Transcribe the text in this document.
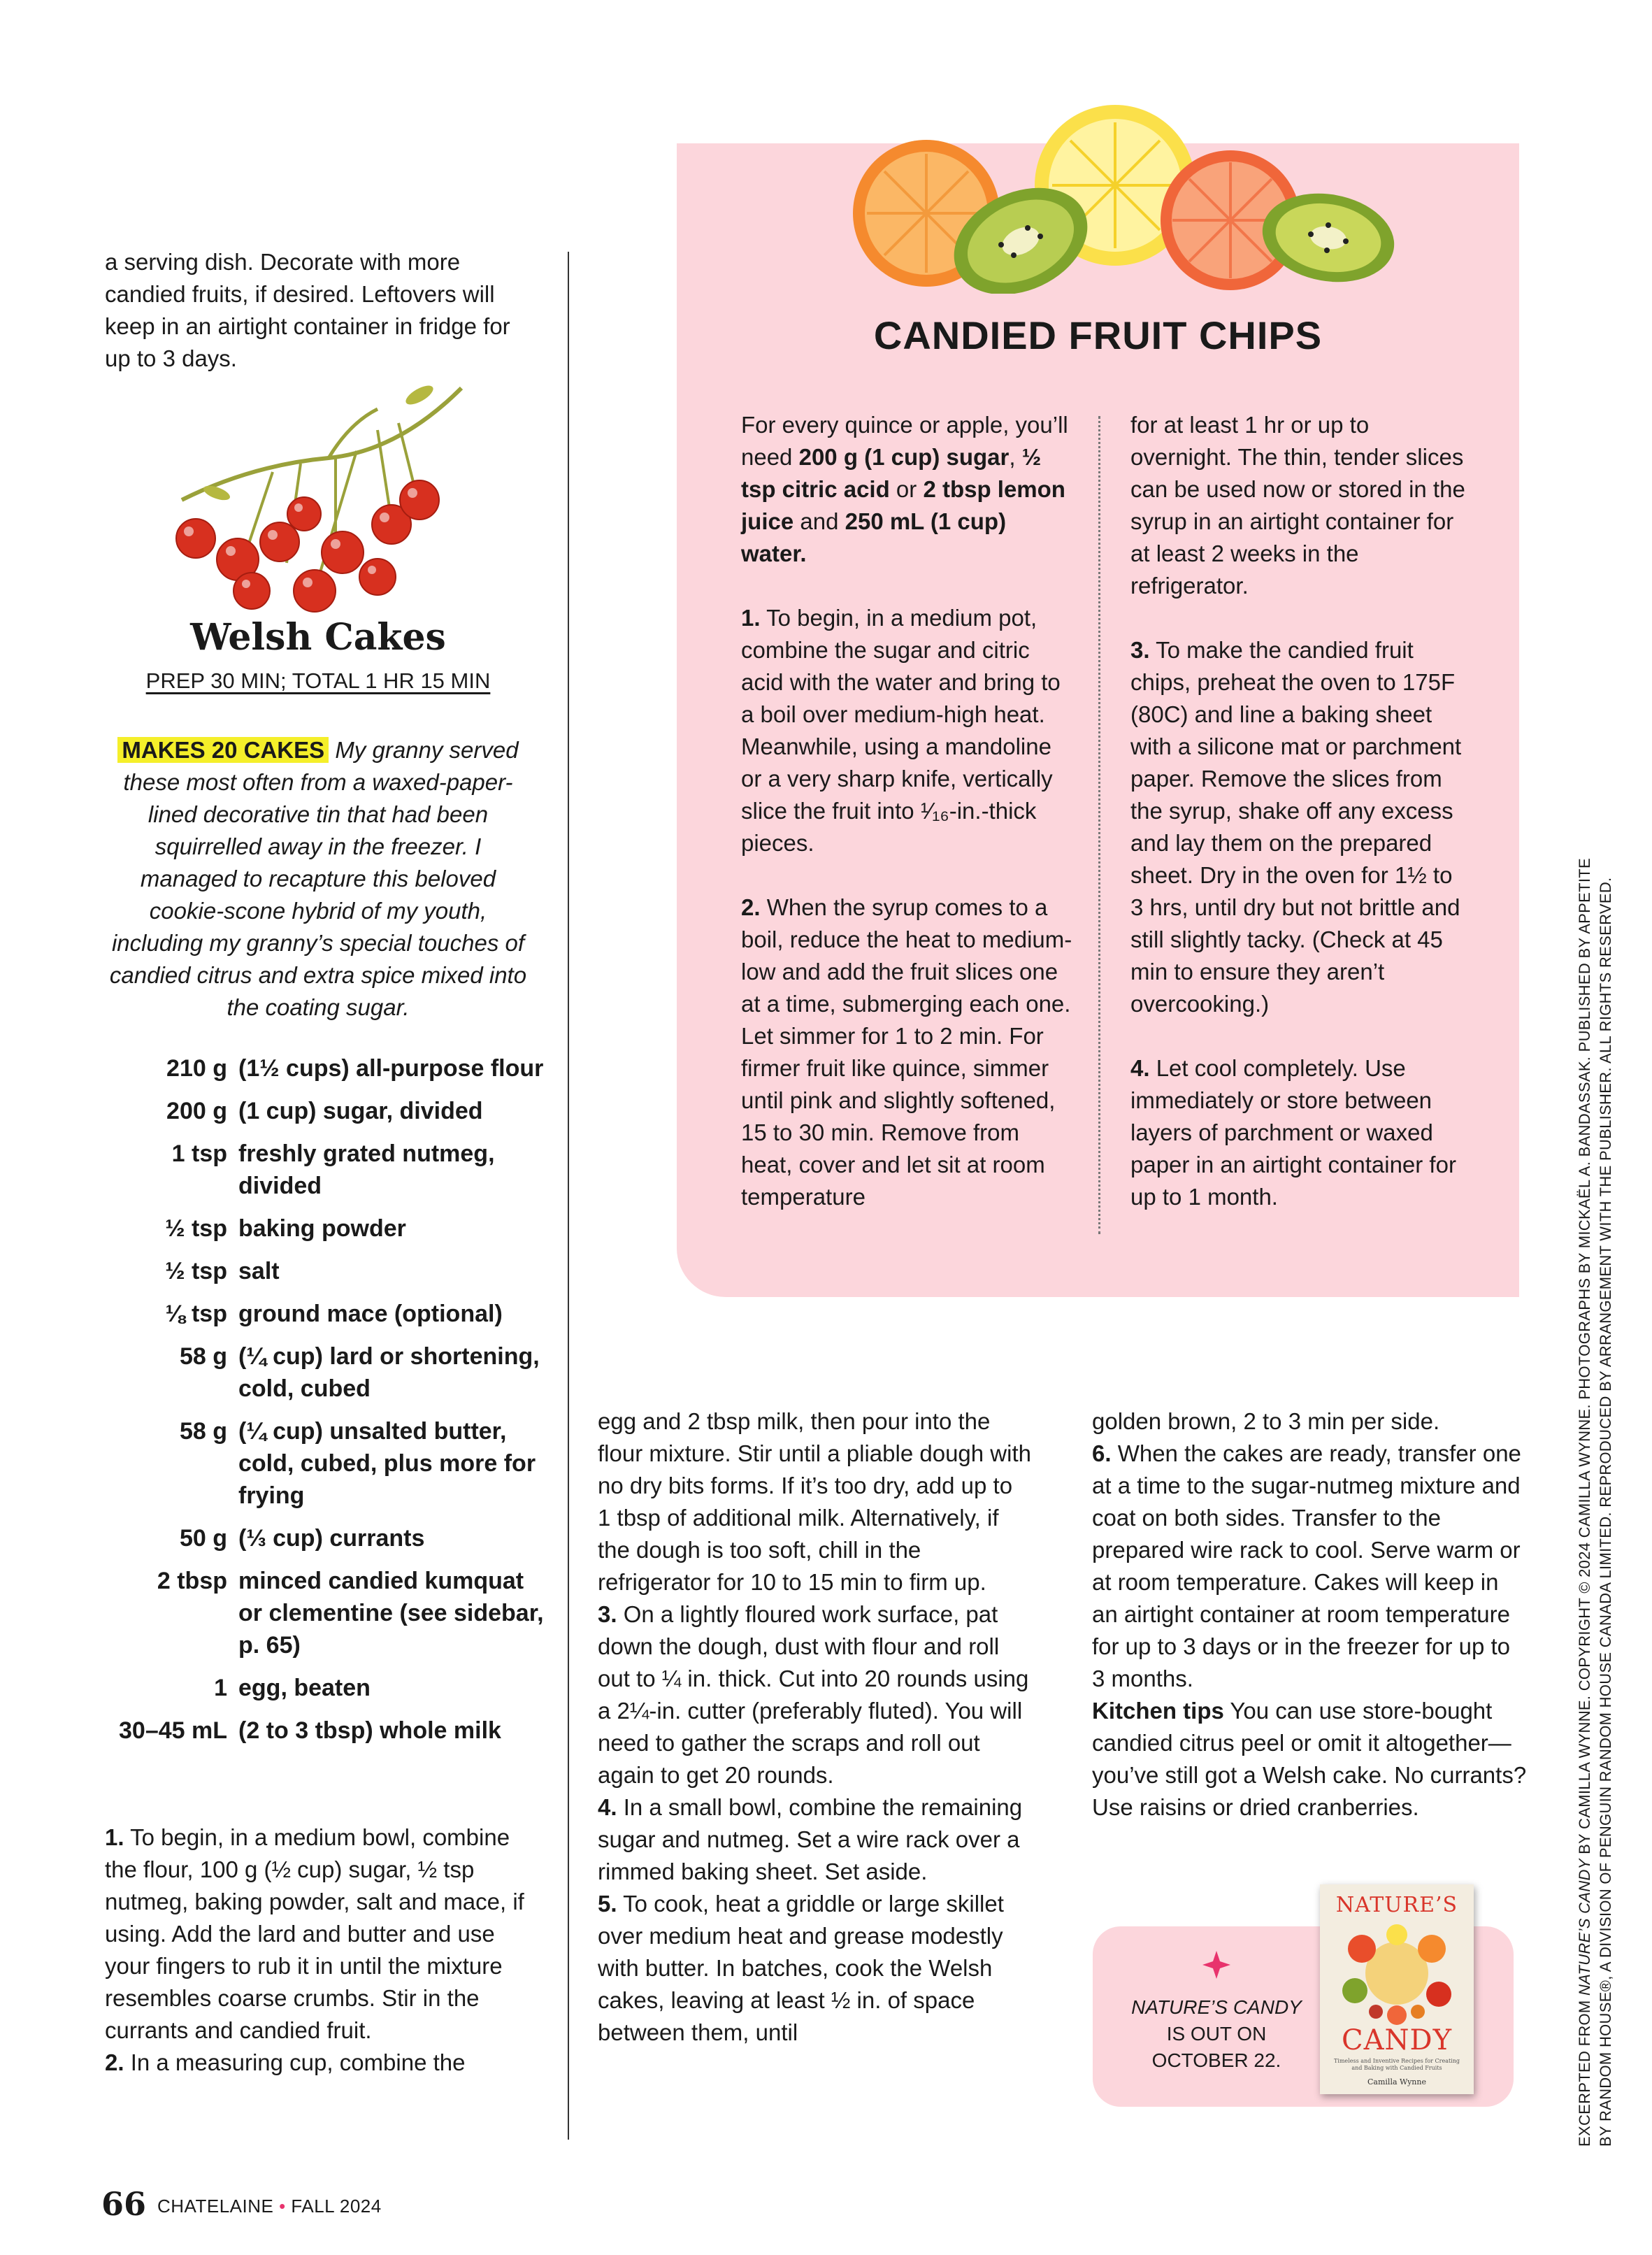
a serving dish. Decorate with more candied fruits, if desired. Leftovers will keep in an airtight container in fridge for up to 3 days.
Welsh Cakes
PREP 30 MIN; TOTAL 1 HR 15 MIN
MAKES 20 CAKES My granny served these most often from a waxed-paper-lined decorative tin that had been squirrelled away in the freezer. I managed to recapture this beloved cookie-scone hybrid of my youth, including my granny’s special touches of candied citrus and extra spice mixed into the coating sugar.
210 g (1½ cups) all-purpose flour
200 g (1 cup) sugar, divided
1 tsp freshly grated nutmeg, divided
½ tsp baking powder
½ tsp salt
⅛ tsp ground mace (optional)
58 g (¼ cup) lard or shortening, cold, cubed
58 g (¼ cup) unsalted butter, cold, cubed, plus more for frying
50 g (⅓ cup) currants
2 tbsp minced candied kumquat or clementine (see sidebar, p. 65)
1 egg, beaten
30–45 mL (2 to 3 tbsp) whole milk

1. To begin, in a medium bowl, combine the flour, 100 g (½ cup) sugar, ½ tsp nutmeg, baking powder, salt and mace, if using. Add the lard and butter and use your fingers to rub it in until the mixture resembles coarse crumbs. Stir in the currants and candied fruit.

2. In a measuring cup, combine the

CANDIED FRUIT CHIPS

For every quince or apple, you’ll need 200 g (1 cup) sugar, ½ tsp citric acid or 2 tbsp lemon juice and 250 mL (1 cup) water.

1. To begin, in a medium pot, combine the sugar and citric acid with the water and bring to a boil over medium-high heat. Meanwhile, using a mandoline or a very sharp knife, vertically slice the fruit into ¹⁄₁₆-in.-thick pieces.

2. When the syrup comes to a boil, reduce the heat to medium-low and add the fruit slices one at a time, submerging each one. Let simmer for 1 to 2 min. For firmer fruit like quince, simmer until pink and slightly softened, 15 to 30 min. Remove from heat, cover and let sit at room temperature

for at least 1 hr or up to overnight. The thin, tender slices can be used now or stored in the syrup in an airtight container for at least 2 weeks in the refrigerator.

3. To make the candied fruit chips, preheat the oven to 175F (80C) and line a baking sheet with a silicone mat or parchment paper. Remove the slices from the syrup, shake off any excess and lay them on the prepared sheet. Dry in the oven for 1½ to 3 hrs, until dry but not brittle and still slightly tacky. (Check at 45 min to ensure they aren’t overcooking.)

4. Let cool completely. Use immediately or store between layers of parchment or waxed paper in an airtight container for up to 1 month.

egg and 2 tbsp milk, then pour into the flour mixture. Stir until a pliable dough with no dry bits forms. If it’s too dry, add up to 1 tbsp of additional milk. Alternatively, if the dough is too soft, chill in the refrigerator for 10 to 15 min to firm up.

3. On a lightly floured work surface, pat down the dough, dust with flour and roll out to ¼ in. thick. Cut into 20 rounds using a 2¼-in. cutter (preferably fluted). You will need to gather the scraps and roll out again to get 20 rounds.

4. In a small bowl, combine the remaining sugar and nutmeg. Set a wire rack over a rimmed baking sheet. Set aside.

5. To cook, heat a griddle or large skillet over medium heat and grease modestly with butter. In batches, cook the Welsh cakes, leaving at least ½ in. of space between them, until

golden brown, 2 to 3 min per side.

6. When the cakes are ready, transfer one at a time to the sugar-nutmeg mixture and coat on both sides. Transfer to the prepared wire rack to cool. Serve warm or at room temperature. Cakes will keep in an airtight container at room temperature for up to 3 days or in the freezer for up to 3 months.

Kitchen tips You can use store-bought candied citrus peel or omit it altogether—you’ve still got a Welsh cake. No currants? Use raisins or dried cranberries.

NATURE’S CANDY
IS OUT ON
OCTOBER 22.
NATURE’S
CANDY
Timeless and Inventive Recipes for Creating and Baking with Candied Fruits
Camilla Wynne	EXCERPTED FROM NATURE’S CANDY BY CAMILLA WYNNE. COPYRIGHT © 2024 CAMILLA WYNNE. PHOTOGRAPHS BY MICKAËL A. BANDASSAK. PUBLISHED BY APPETITE BY RANDOM HOUSE®, A DIVISION OF PENGUIN RANDOM HOUSE CANADA LIMITED. REPRODUCED BY ARRANGEMENT WITH THE PUBLISHER. ALL RIGHTS RESERVED.

66 CHATELAINE • FALL 2024
